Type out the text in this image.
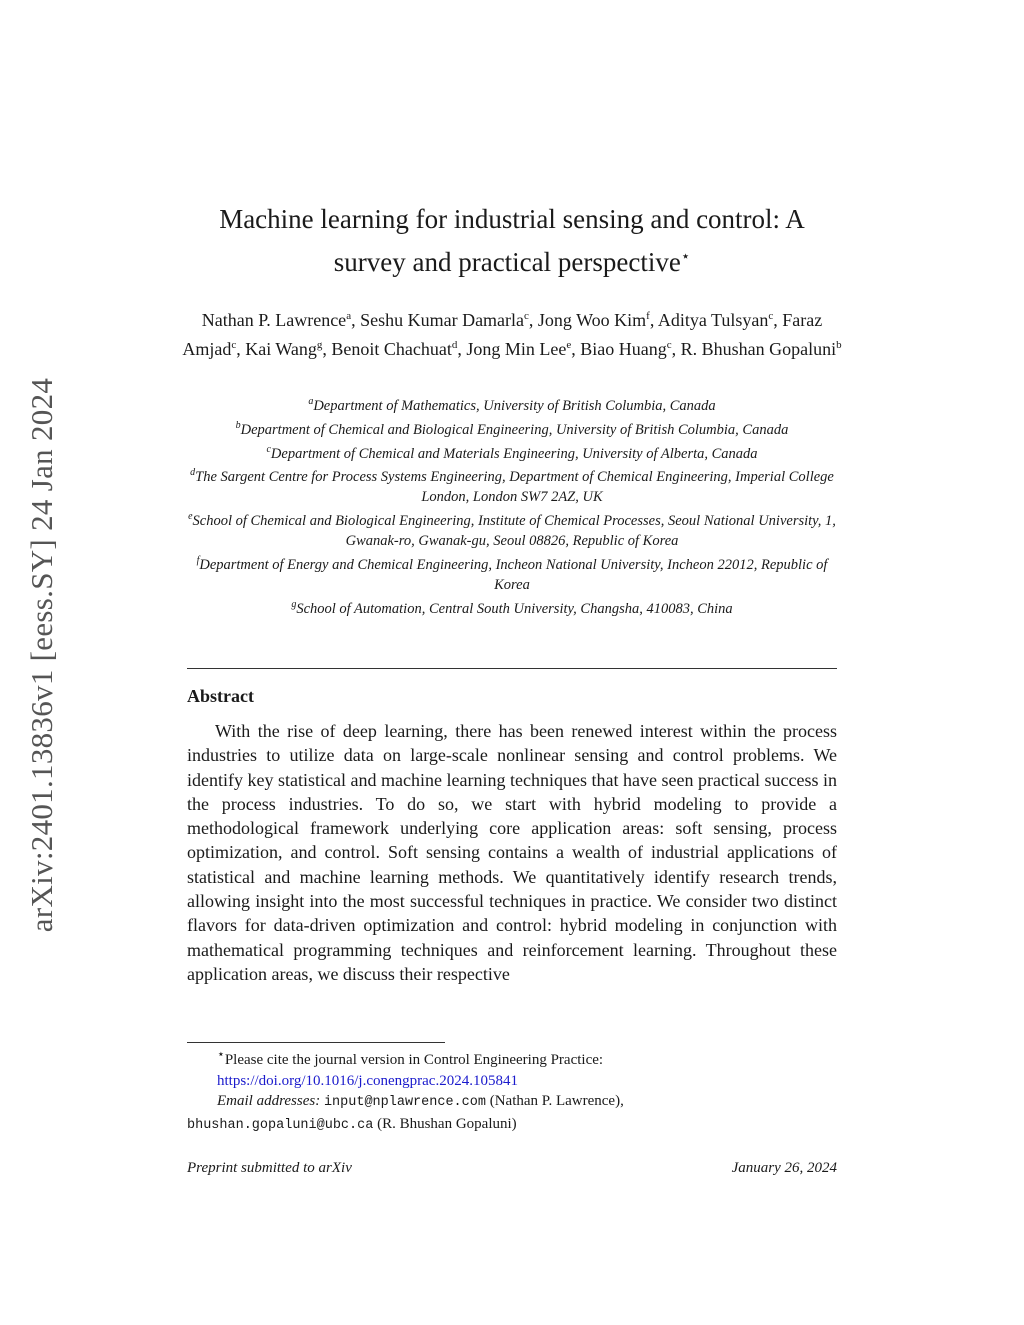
arXiv:2401.13836v1 [eess.SY] 24 Jan 2024
Machine learning for industrial sensing and control: A
survey and practical perspective⋆
Nathan P. Lawrence$^a$, Seshu Kumar Damarla$^c$, Jong Woo Kim$^f$, Aditya Tulsyan$^c$, Faraz Amjad$^c$, Kai Wang$^g$, Benoit Chachuat$^d$, Jong Min Lee$^e$, Biao Huang$^c$, R. Bhushan Gopaluni$^b$
$^a$Department of Mathematics, University of British Columbia, Canada
$^b$Department of Chemical and Biological Engineering, University of British Columbia, Canada
$^c$Department of Chemical and Materials Engineering, University of Alberta, Canada
$^d$The Sargent Centre for Process Systems Engineering, Department of Chemical Engineering, Imperial College London, London SW7 2AZ, UK
$^e$School of Chemical and Biological Engineering, Institute of Chemical Processes, Seoul National University, 1, Gwanak-ro, Gwanak-gu, Seoul 08826, Republic of Korea
$^f$Department of Energy and Chemical Engineering, Incheon National University, Incheon 22012, Republic of Korea
$^g$School of Automation, Central South University, Changsha, 410083, China
Abstract
With the rise of deep learning, there has been renewed interest within the process industries to utilize data on large-scale nonlinear sensing and control problems. We identify key statistical and machine learning techniques that have seen practical success in the process industries. To do so, we start with hybrid modeling to provide a methodological framework underlying core application areas: soft sensing, process optimization, and control. Soft sensing contains a wealth of industrial applications of statistical and machine learning methods. We quantitatively identify research trends, allowing insight into the most successful techniques in practice. We consider two distinct flavors for data-driven optimization and control: hybrid modeling in conjunction with mathematical programming techniques and reinforcement learning. Throughout these application areas, we discuss their respective

⋆Please cite the journal version in Control Engineering Practice: https://doi.org/10.1016/j.conengprac.2024.105841

Email addresses: input@nplawrence.com (Nathan P. Lawrence),

bhushan.gopaluni@ubc.ca (R. Bhushan Gopaluni)

Preprint submitted to arXiv	January 26, 2024
